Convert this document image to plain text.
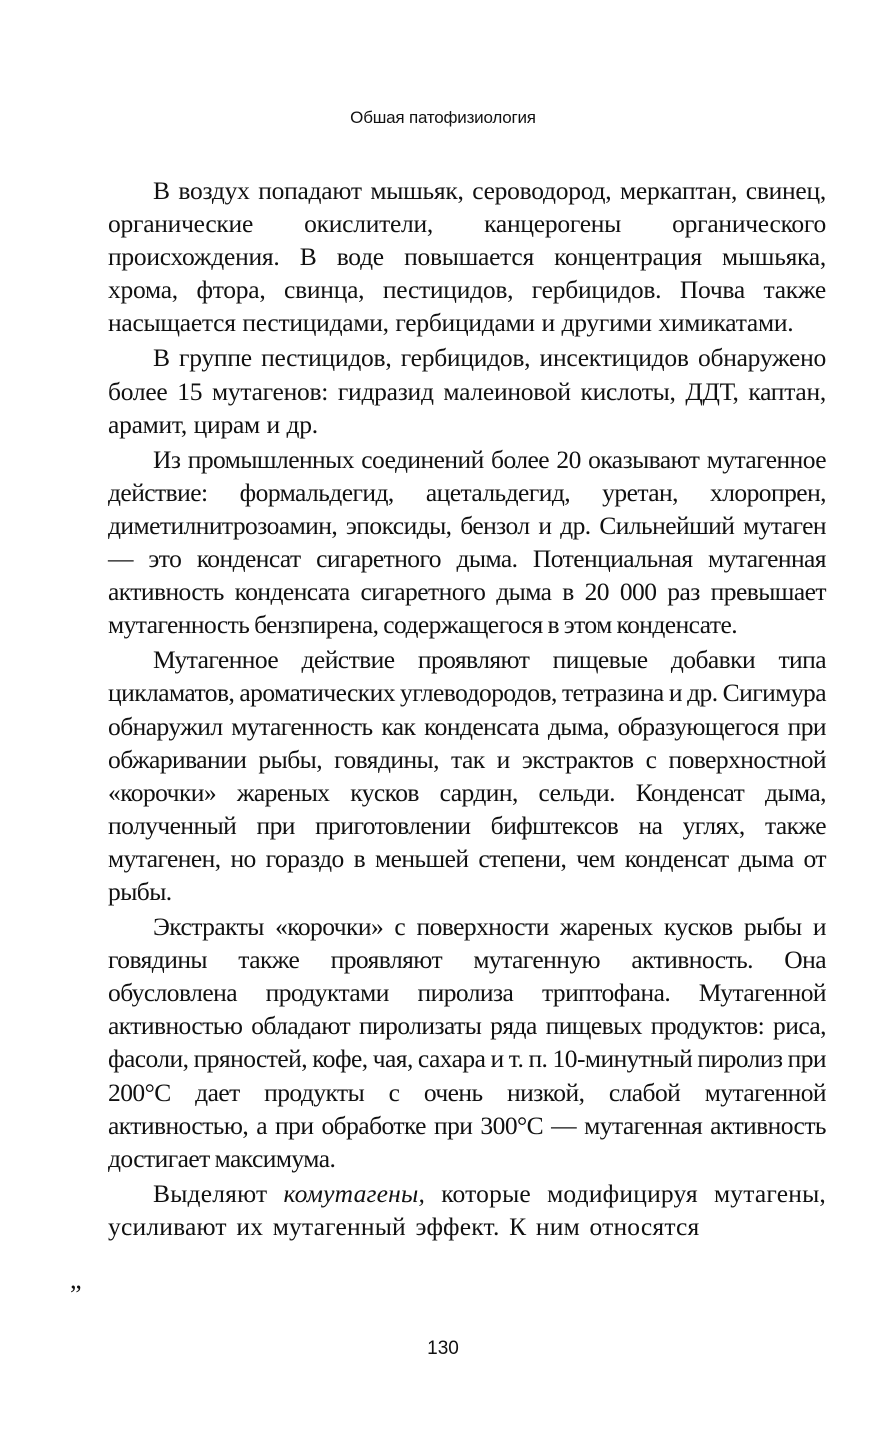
Обшая патофизиология

В воздух попадают мышьяк, сероводород, меркаптан, свинец, органические окислители, канцерогены органического происхождения. В воде повышается концентрация мышьяка, хрома, фтора, свинца, пестицидов, гербицидов. Почва также насыщается пестицидами, гербицидами и другими химикатами.

В группе пестицидов, гербицидов, инсектицидов обнаружено более 15 мутагенов: гидразид малеиновой кислоты, ДДТ, каптан, арамит, цирам и др.

Из промышленных соединений более 20 оказывают мутагенное действие: формальдегид, ацетальдегид, уретан, хлоропрен, диметилнитрозоамин, эпоксиды, бензол и др. Сильнейший мутаген — это конденсат сигаретного дыма. Потенциальная мутагенная активность конденсата сигаретного дыма в 20 000 раз превышает мутагенность бензпирена, содержащегося в этом конденсате.

Мутагенное действие проявляют пищевые добавки типа цикламатов, ароматических углеводородов, тетразина и др. Сигимура обнаружил мутагенность как конденсата дыма, образующегося при обжаривании рыбы, говядины, так и экстрактов с поверхностной «корочки» жареных кусков сардин, сельди. Конденсат дыма, полученный при приготовлении бифштексов на углях, также мутагенен, но гораздо в меньшей степени, чем конденсат дыма от рыбы.

Экстракты «корочки» с поверхности жареных кусков рыбы и говядины также проявляют мутагенную активность. Она обусловлена продуктами пиролиза триптофана. Мутагенной активностью обладают пиролизаты ряда пищевых продуктов: риса, фасоли, пряностей, кофе, чая, сахара и т. п. 10-минутный пиролиз при 200°С дает продукты с очень низкой, слабой мутагенной активностью, а при обработке при 300°С — мутагенная активность достигает максимума.

Выделяют комутагены, которые модифицируя мутагены, усиливают их мутагенный эффект. К ним относятся

„
130
